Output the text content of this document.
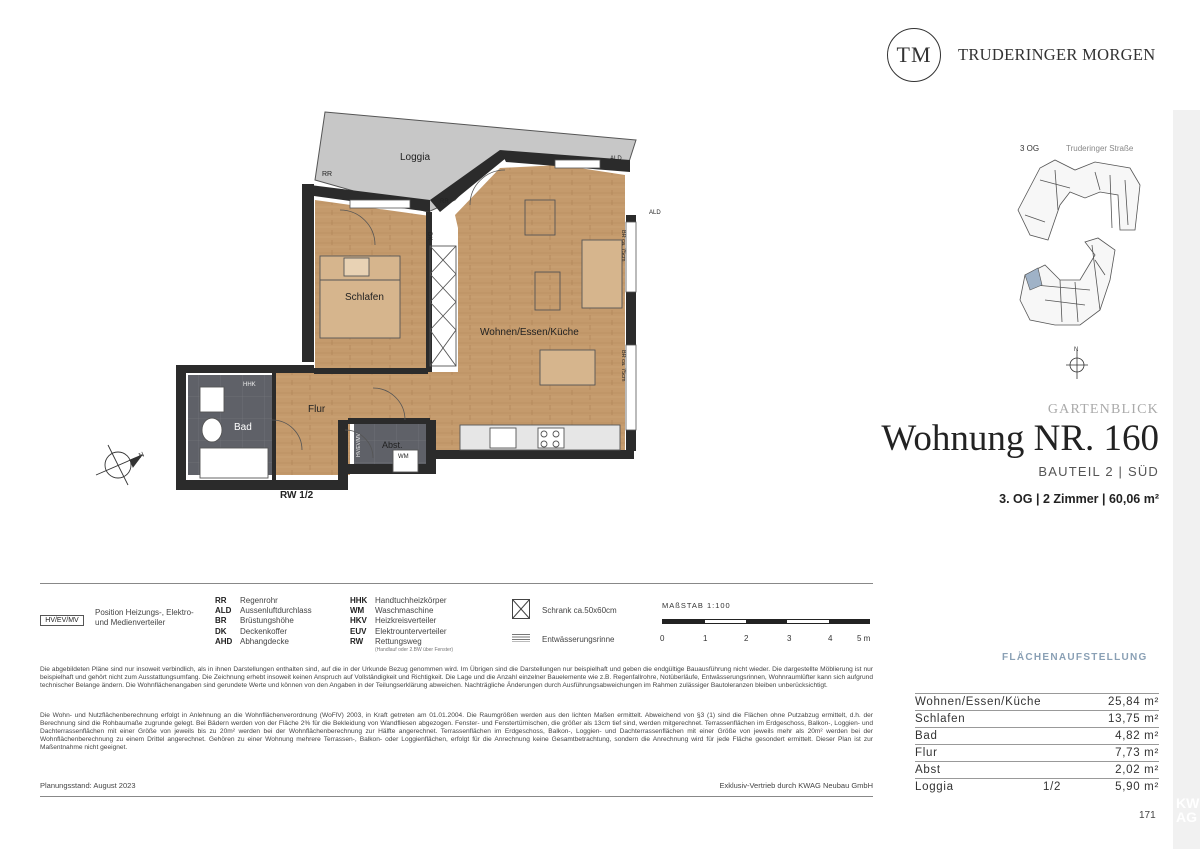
TM	TRUDERINGER MORGEN
3 OG	Truderinger Straße
N
GARTENBLICK
Wohnung NR. 160
BAUTEIL 2 | SÜD
3. OG | 2 Zimmer | 60,06 m²
Loggia
Schlafen
Wohnen/Essen/Küche
Flur
Bad
Abst.
RR
RR
ALD
ALD
HHK
WM
HV/EV/MV
DK	BR ca. 75cm
BR ca. 75cm
RW 1/2
N
HV/EV/MV
Position Heizungs-, Elektro- und Medienverteiler
RR	Regenrohr
ALD	Aussenluftdurchlass
BR	Brüstungshöhe
DK	Deckenkoffer
AHD Abhangdecke
HHK Handtuchheizkörper
WM	Waschmaschine
HKV	Heizkreisverteiler
EUV	Elektrounterverteiler
RW	Rettungsweg
(Handlauf oder 2.BW über Fenster)
Schrank ca.50x60cm
Entwässerungsrinne
MAßSTAB 1:100
0	1	2	3	4	5 m
Die abgebildeten Pläne sind nur insoweit verbindlich, als in ihnen Darstellungen enthalten sind, auf die in der Urkunde Bezug genommen wird. Im Übrigen sind die Darstellungen nur beispielhaft und geben die endgültige Bauausführung nicht wieder. Die dargestellte Möblierung ist nur beispielhaft und gehört nicht zum Ausstattungsumfang. Die Zeichnung erhebt insoweit keinen Anspruch auf Vollständigkeit und Richtigkeit. Die Lage und die Anzahl einzelner Bauelemente wie z.B. Regenfallrohre, Notüberläufe, Entwässerungsrinnen, Wohnraumlüfter kann sich aufgrund technischer Belange ändern. Die Wohnflächenangaben sind gerundete Werte und können von den Angaben in der Teilungserklärung abweichen. Nachträgliche Änderungen durch Ausführungsabweichungen im Rahmen zulässiger Bautoleranzen bleiben unberücksichtigt.
Die Wohn- und Nutzflächenberechnung erfolgt in Anlehnung an die Wohnflächenverordnung (WoFlV) 2003, in Kraft getreten am 01.01.2004. Die Raumgrößen werden aus den lichten Maßen ermittelt. Abweichend von §3 (1) sind die Flächen ohne Putzabzug ermittelt, d.h. der Berechnung sind die Rohbaumaße zugrunde gelegt. Bei Bädern werden von der Fläche 2% für die Bekleidung von Wandfliesen abgezogen. Fenster- und Fenstertürnischen, die größer als 13cm tief sind, werden mitgerechnet. Terrassenflächen im Erdgeschoss, Balkon-, Loggien- und Dachterrassenflächen mit einer Größe von jeweils bis zu 20m² werden bei der Wohnflächenberechnung zur Hälfte angerechnet. Terrassenflächen im Erdgeschoss, Balkon-, Loggien- und Dachterrassenflächen mit einer Größe von jeweils mehr als 20m² werden bei der Wohnflächenberechnung zu einem Drittel angerechnet. Gehören zu einer Wohnung mehrere Terrassen-, Balkon- oder Loggienflächen, erfolgt für die Anrechnung keine Gesamtbetrachtung, sondern die Anrechnung wird für jede Fläche gesondert ermittelt. Dieser Plan ist zur Maßentnahme nicht geeignet.
Planungsstand: August 2023	Exklusiv-Vertrieb durch KWAG Neubau GmbH
FLÄCHENAUFSTELLUNG
Wohnen/Essen/Küche	25,84 m²
Schlafen	13,75 m²
Bad	4,82 m²
Flur	7,73 m²
Abst	2,02 m²
Loggia	1/2	5,90 m²
171
KW AG
